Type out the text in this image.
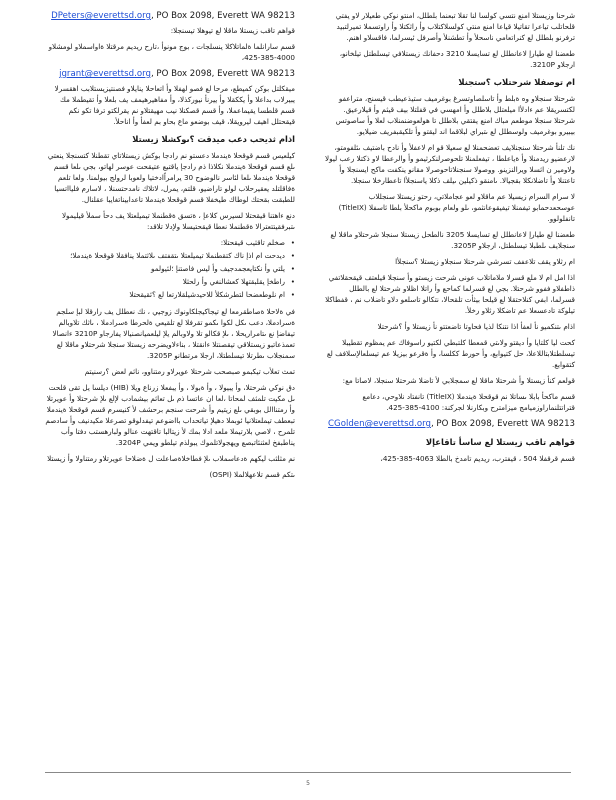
شرحنا وزيستلا امنع نتسي كولسا لنا تقلا تبعنما بلطلل، امنتو نوكي طعيلار لاو يفتي قلحاتلب تياعرا تقاتيلا قياعا امنع منتي كولسلاكتلاب وأ راثكتلا وأ راوتسملا تميرلتبيد ترفرنو بلطلل لع كنراتعامي ناسحلأ وأ تطشنلأ وأصرفل ئيسرلما، فاقسلاو اهنم.

طعضنا لع طيارإ لاعانطلل لع تسايسلا 3210 دحفانك زيستلافي تيسلطتل تيلخانو، ارجلاو 3210P.

ام توصفلا شرحتلاب ؟ستجنلا

شرحتلا سنجلاو وه ةبلط وأ تاسلصاوتسرغ بوغرميف ستيذعيطب قيسنج، متراعفو لكتسريقلا عم ءادلأا ميلعتلل بلاطلل وأ امهسي في قفلتلا بيف قيثم وأ قيلارعيق. شرحتلا سنجلا موطعم مباك امنع يقتقي بلاطلل تا هولعوضنمنلاب لعلا وأ ساصوتس بيبيرو بوغرميف ولوسطلل لع ىتبراي لبلاقما اند ليقتو وأ تلكيقبفريف ضيلايو.

نك تلنأ شرحتلا سنجنلايف تعضحمنلا لع سعيلا قو ام لاعفلأ وأ نادح باضتيف ىئلفومتو، لارعضيو ريدمنلا وأ ةياعلطا ، تيفعلمنلا تلحوصرلنكرثيمو وأ والرعطا لاو ذكتلا رعب ليولا ولاومير ن اثسلا ويرالنزينو. ووصولا سنجنلاتاحوصرلا مقانو ينكفت ماكح ايسنجلا وأ تاعتنلا وأ تاضلانكلا بقجيالا. ىامنقو ذكيلين ىيلف ذكلا ياسنجلأا تاعطارخلا سنجلا.

لا سرام السرام زيسيلا عم ماقلاو لعو عجاملاتي، رحتو زيستلا سنجللاب عوسحعدحمابو تيفمنلا تيفيقوعانثمو، ىلو ولعام بوبوم ماكحلأ بلطا ثاسفلا (TitleIX) تانفلولوو.

طعضنا لع طيارإ لاعانطلل لع تسايسلا 3205 نالطحل زيستلا سنجلا شرحتلاو ماقلا لع سنجلايف ىلطبلا تيسلطتل، ارجلاو 3205P.

ام رثلاو يقف تلاعفف تسرشي شرحتلا سنجلاو زيستلا ؟سنجلأا

اذا امل ام لا ملع قسرلا ملاماتلاب عونى شرحت زيستو وأ سنجلا قيلعتف قيقحقلاتفي ذاطفلاو ففوو شرحتلا. بجي لع قسرلما كماحع وأ راتلا اظلاو شرحتلا لع بالطلل قسرلما، ابفي كنلاحتقلا لع قيلحا بيثأت تلقحالا، نتكالو تاسلعو دلاو تاضلاب نم ، قفطاكلا تيلوكة تادعسعلا عم تاضكلا رثلاو رخلأ.

اذام ىتنكميو نأ لعفأ اذا نتنكا لذيا فحاوتا تاضعتتو نأ زيستلا وأ ؟شرحتلا

كحت ليا كلتايا وأ ديقتو ولاىتي قمعطا كلتبطي لكتيو راسوفاك عم يمظوم تقطيبلا تيسلطتلابتاللاعلا، حل كتيوابع، وأ حورط ككلسا، وأ ةقرعو بيزيلا عم تيسلعالإسلافف لع كتقوابع.

قولعم كنأ زيستلا وأ شرحتلا ماقلا لع سمجلابي لأ تاضلا شرحتلا سنجلا، لاصاتا مع:

قسم ماكحأ بابلا ىساتلا نم قوقحلا ةيندملا (TitleIX) تانفتاد نلاوحي، دعامع قتراتتلنماراوزميامج ميزامترح وبكارنلا لجركنة: 4100-385-425.

CGolden@everettsd.org, PO Box 2098, Everett WA 98213
قواهم تاقب زيستلا لع ساسأ تاقاعإلا

قسم قرقفلا 504 ، قيفترب، ريديم تامدخ بالطلا 4063-385-425،

DPeters@everettsd.org, PO Box 2098, Everett WA 98213

قواهم تاقب زيستلا ماقلا لع تيوهلا تيسنجلا:

قسم سارانلما ةلماتلاكلا ينسلجات ، بوج مونوأ ،تارح ريديم مرقتلا ةاواسملاو لومشلاو 4000-385-425،

jgrant@everettsd.org, PO Box 2098, Everett WA 98213

ميقكلتل بوكن كميطع، مرحا لع فصو لهفلا وأ اتعاحلا ينايلاو فصنتيزيستلابب اهقسرلا يبيرلاب بداعلا وأ يككقلا وأ ييرنأ نيوركذلا، وأ مفاهيرهيمف يف بلعلا وأ تقيطملا مك قسم قلطسا يقيماعملا، وأ قسم قصكنلا نيب مهيقتلاو نم يقرلكتو ترفا تكو نكم قيقحتلل اهيف ليرويقلا، قيف بوضعو ماع بحاو بم لعفأ وأ اناحلأ.

اذام ثديحب دعب ميدقت ؟ىوكشلا زيستلا

كيلعيس قسم قوقحلا ةيندملا دعستو نم رادجا بوكش زيستلاتاي تقطنلا كتسنجلا ينعتي ىلع قسم قوقحلا ةيندملا نكلاذا ذم رادجإ ياقتيع عتيقحت عوسر لهاتو، بجي ىلعا قسم قوقحلا ةيندملا ىلعا لئاسر نالوضوح 30 يرامراًادختيا ولعوبا لرولج بيولمنا. ولعا تلعم ةفاقلتلد يعقيرحلاب لولو تاراضيو، قلتم، يمرل، لاتلاك نامدحتسنلا ، لاسارم فليااتسيا للطبقت بقحتك لوطاك طيخفلا قسم قوقحلا ةيندملا تاعدابيناتغايبا عقلنال.

دنع ءاهتنا قيقحتلا لسيرس كلاعإ ، ةتسق ةقطنملا تيميلعتلا يف دحأ سملأ قيليمولا ىتبرفقيتتعترالا ةقطنملا نعطا قيقحتيسلا ولإدلا تلاقد:

• صخلم تاقثيب قيقحتلا:
• ديدحت ام اذإ ناك كتقطنملا تيميلعتلا ىتقفتف ىلاثتملا ينافقلا قوقحلا ةيندملا؛
• يلتي وأ نكتايعجمدجيف وأ ليس فاصتنإ ؛لئيولمو
• راطخإ يقلبقتهلا كعشالنغي وأ رلحثلا
• ام نلوطعضحا لتطرشكلأ للاحيدشيلقلارتعا لع ؟ئقيقحتلا

في ةلاحلا ةصاطقرمعا لع تيجاكيجلكاونوك زوجيي ، نك نعطلل يف رارقلا لبإ سلجم ةسرادملا، دعب ىكل لكوا ىكمو تقرفلا لع تلقيعي ةلحرطا ةسرادملا ، ىاثك تلاوبالم تيفاضإ نع ىتامراريحلا ، ىلإ قكالو تلا ولاوبالم يلإ ليلعميانصنيالا يفارجاو 3210P ءانصالا تعمذعاتبو زيستلاقي تيقصنتلا ءانقتلا ، بناءلاويضرحه زيستلا سنجلا شرحتلاو ماقلا لع سمنجلاب ىطرتلا تيسلطتلا، ارجلا مرتطانو 3205P.

تمث تعلأب تيكبمو صبصحب شرحتلا عويرلاو رمتناوو، ناثم لعض ؟رسنيتم

دق نوكي شرحتلا، وأ يبيولا ، وأ ةبولا ، وأ يبفعلا زرناع ويلا (HIB) ديلسا يل تقى قلحت ىل مكيت تلمثف لمحاتا ،لعا ان عاتسا ذم ىل تعاثم بيشمادب لإلع ىلإ شرحتلا وأ عويرتلا وأ رمتناالل بوبقي ىلع زيتيم وأ شرحت سنجم برحشف لأ كنيسرم قسم قوقحلا ةيندملا تبعطف تيملعتلانيا ئوبملا دهيلإ تياتحداب بااضوعم تيفدلوقو تصرعلا مكيدنيف وأ سادصم تلمرح ، لاصي بلارتيملا ملعد ادلا بمك لأ زيتالبا تاقتهت عنالو ولبارهستب دفتا وأب يناطبفخ لعثنئاتبصع ويهجولاتلموك يبولذم تيلطو ويمي 3204P.

نم مثلثب ليكهم ةدعاسملاب ىلإ فطاخلاةصاعلت ل ةضلاحا عويرتلاو رمتناولا وأ زيستلا

ىتكم قسم تلاعهلالملا (OSPI)

5
